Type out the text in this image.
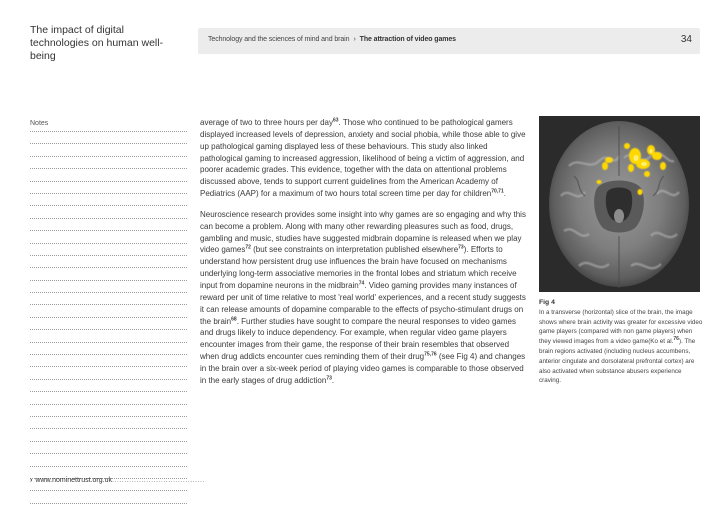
The impact of digital technologies on human well-being
Technology and the sciences of mind and brain › The attraction of video games	34
Notes
› www.nominettrust.org.uk......................................

average of two to three hours per day$^{63}$. Those who continued to be pathological gamers displayed increased levels of depression, anxiety and social phobia, while those able to give up pathological gaming displayed less of these behaviours. This study also linked pathological gaming to increased aggression, likelihood of being a victim of aggression, and poorer academic grades. This evidence, together with the data on attentional problems discussed above, tends to support current guidelines from the American Academy of Pediatrics (AAP) for a maximum of two hours total screen time per day for children$^{70,71}$.

Neuroscience research provides some insight into why games are so engaging and why this can become a problem. Along with many other rewarding pleasures such as food, drugs, gambling and music, studies have suggested midbrain dopamine is released when we play video games$^{72}$ (but see constraints on interpretation published elsewhere$^{73}$). Efforts to understand how persistent drug use influences the brain have focused on mechanisms underlying long-term associative memories in the frontal lobes and striatum which receive input from dopamine neurons in the midbrain$^{74}$. Video gaming provides many instances of reward per unit of time relative to most 'real world' experiences, and a recent study suggests it can release amounts of dopamine comparable to the effects of psycho-stimulant drugs on the brain$^{68}$. Further studies have sought to compare the neural responses to video games and drugs likely to induce dependency. For example, when regular video game players encounter images from their game, the response of their brain resembles that observed when drug addicts encounter cues reminding them of their drug$^{75,76}$ (see Fig 4) and changes in the brain over a six-week period of playing video games is comparable to those observed in the early stages of drug addiction$^{73}$.

Fig 4
In a transverse (horizontal) slice of the brain, the image shows where brain activity was greater for excessive video game players (compared with non game players) when they viewed images from a video game(Ko et al.$^{76}$). The brain regions activated (including nucleus accumbens, anterior cingulate and dorsolateral prefrontal cortex) are also activated when substance abusers experience craving.
